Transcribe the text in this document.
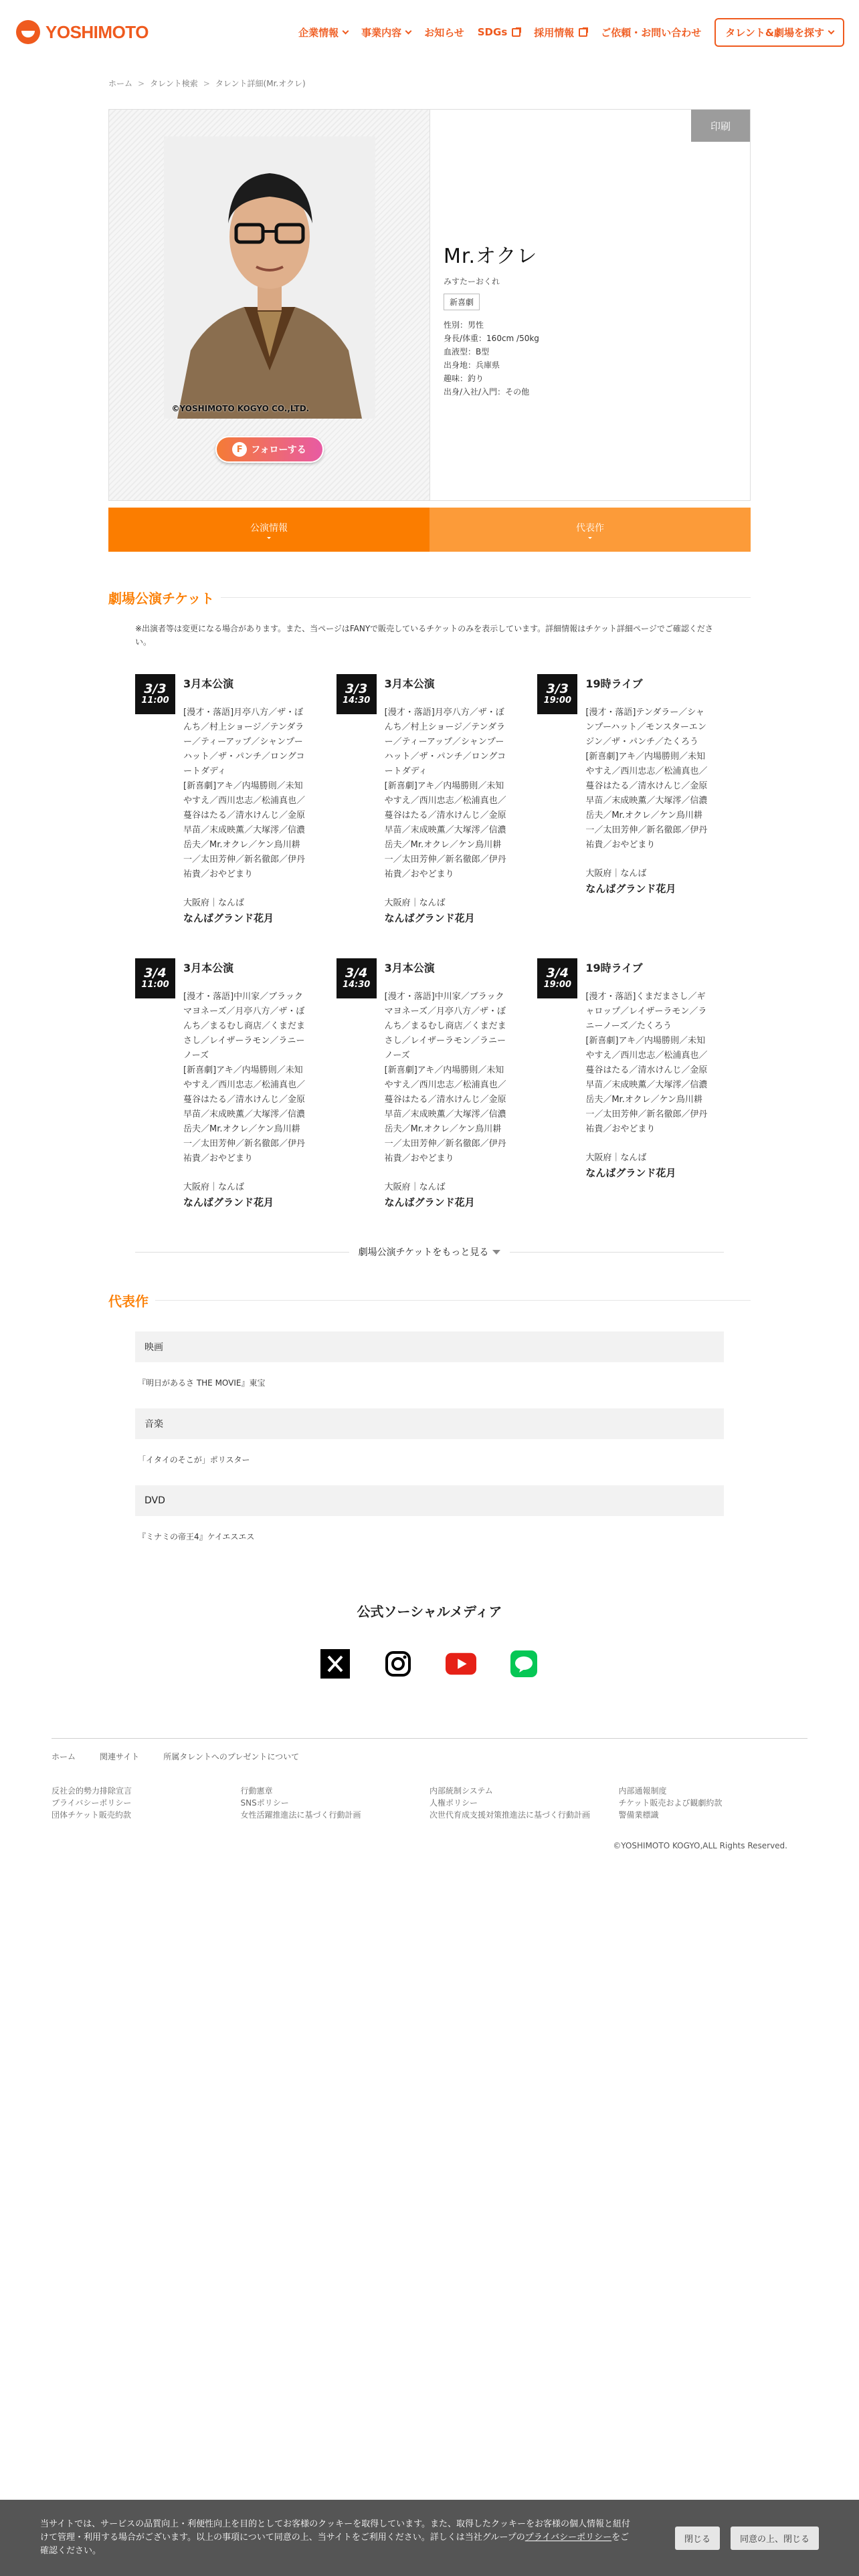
YOSHIMOTO	企業情報 事業内容 お知らせ SDGs	採用情報	ご依頼・お問い合わせ タレント&劇場を探す
ホーム > タレント検索 > タレント詳細(Mr.オクレ)
©YOSHIMOTO KOGYO CO.,LTD.
F フォローする
印刷
Mr.オクレ
みすたーおくれ
新喜劇
性別：男性
身長/体重：160cm /50kg
血液型：B型
出身地：兵庫県
趣味：釣り
出身/入社/入門：その他
公演情報	代表作
劇場公演チケット

※出演者等は変更になる場合があります。また、当ページはFANYで販売しているチケットのみを表示しています。詳細情報はチケット詳細ページでご確認ください。

3/3
11:00
3月本公演
[漫才・落語]月亭八方／ザ・ぼんち／村上ショージ／テンダラー／ティーアップ／シャンプーハット／ザ・パンチ／ロングコートダディ
[新喜劇]アキ／内場勝則／未知やすえ／西川忠志／松浦真也／蔓谷はたる／清水けんじ／金原早苗／末成映薫／大塚澪／信濃岳夫／Mr.オクレ／ケン鳥川耕一／太田芳伸／新名徹郎／伊丹祐貴／おやどまり
大阪府｜なんば
なんばグランド花月
3/3
14:30
3月本公演
[漫才・落語]月亭八方／ザ・ぼんち／村上ショージ／テンダラー／ティーアップ／シャンプーハット／ザ・パンチ／ロングコートダディ
[新喜劇]アキ／内場勝則／未知やすえ／西川忠志／松浦真也／蔓谷はたる／清水けんじ／金原早苗／末成映薫／大塚澪／信濃岳夫／Mr.オクレ／ケン鳥川耕一／太田芳伸／新名徹郎／伊丹祐貴／おやどまり
大阪府｜なんば
なんばグランド花月
3/3
19:00
19時ライブ
[漫才・落語]テンダラー／シャンプーハット／モンスターエンジン／ザ・パンチ／たくろう
[新喜劇]アキ／内場勝則／未知やすえ／西川忠志／松浦真也／蔓谷はたる／清水けんじ／金原早苗／末成映薫／大塚澪／信濃岳夫／Mr.オクレ／ケン鳥川耕一／太田芳伸／新名徹郎／伊丹祐貴／おやどまり
大阪府｜なんば
なんばグランド花月
3/4
11:00
3月本公演
[漫才・落語]中川家／ブラックマヨネーズ／月亭八方／ザ・ぼんち／まるむし商店／くまだまさし／レイザーラモン／ラニーノーズ
[新喜劇]アキ／内場勝則／未知やすえ／西川忠志／松浦真也／蔓谷はたる／清水けんじ／金原早苗／末成映薫／大塚澪／信濃岳夫／Mr.オクレ／ケン鳥川耕一／太田芳伸／新名徹郎／伊丹祐貴／おやどまり
大阪府｜なんば
なんばグランド花月
3/4
14:30
3月本公演
[漫才・落語]中川家／ブラックマヨネーズ／月亭八方／ザ・ぼんち／まるむし商店／くまだまさし／レイザーラモン／ラニーノーズ
[新喜劇]アキ／内場勝則／未知やすえ／西川忠志／松浦真也／蔓谷はたる／清水けんじ／金原早苗／末成映薫／大塚澪／信濃岳夫／Mr.オクレ／ケン鳥川耕一／太田芳伸／新名徹郎／伊丹祐貴／おやどまり
大阪府｜なんば
なんばグランド花月
3/4
19:00
19時ライブ
[漫才・落語]くまだまさし／ギャロップ／レイザーラモン／ラニーノーズ／たくろう
[新喜劇]アキ／内場勝則／未知やすえ／西川忠志／松浦真也／蔓谷はたる／清水けんじ／金原早苗／末成映薫／大塚澪／信濃岳夫／Mr.オクレ／ケン鳥川耕一／太田芳伸／新名徹郎／伊丹祐貴／おやどまり
大阪府｜なんば
なんばグランド花月
劇場公演チケットをもっと見る
代表作
映画
『明日があるさ THE MOVIE』東宝
音楽
「イタイのそこが」ポリスター
DVD
『ミナミの帝王4』ケイエスエス
公式ソーシャルメディア
ホーム	関連サイト	所属タレントへのプレゼントについて
反社会的勢力排除宣言
プライバシーポリシー
団体チケット販売約款
行動憲章
SNSポリシー
女性活躍推進法に基づく行動計画
内部統制システム
人権ポリシー
次世代育成支援対策推進法に基づく行動計画
内部通報制度
チケット販売および観劇約款
警備業標識
©YOSHIMOTO KOGYO,ALL Rights Reserved.

当サイトでは、サービスの品質向上・利便性向上を目的としてお客様のクッキーを取得しています。また、取得したクッキーをお客様の個人情報と紐付けて管理・利用する場合がございます。以上の事項について同意の上、当サイトをご利用ください。詳しくは当社グループのプライバシーポリシーをご確認ください。

閉じる	同意の上、閉じる
